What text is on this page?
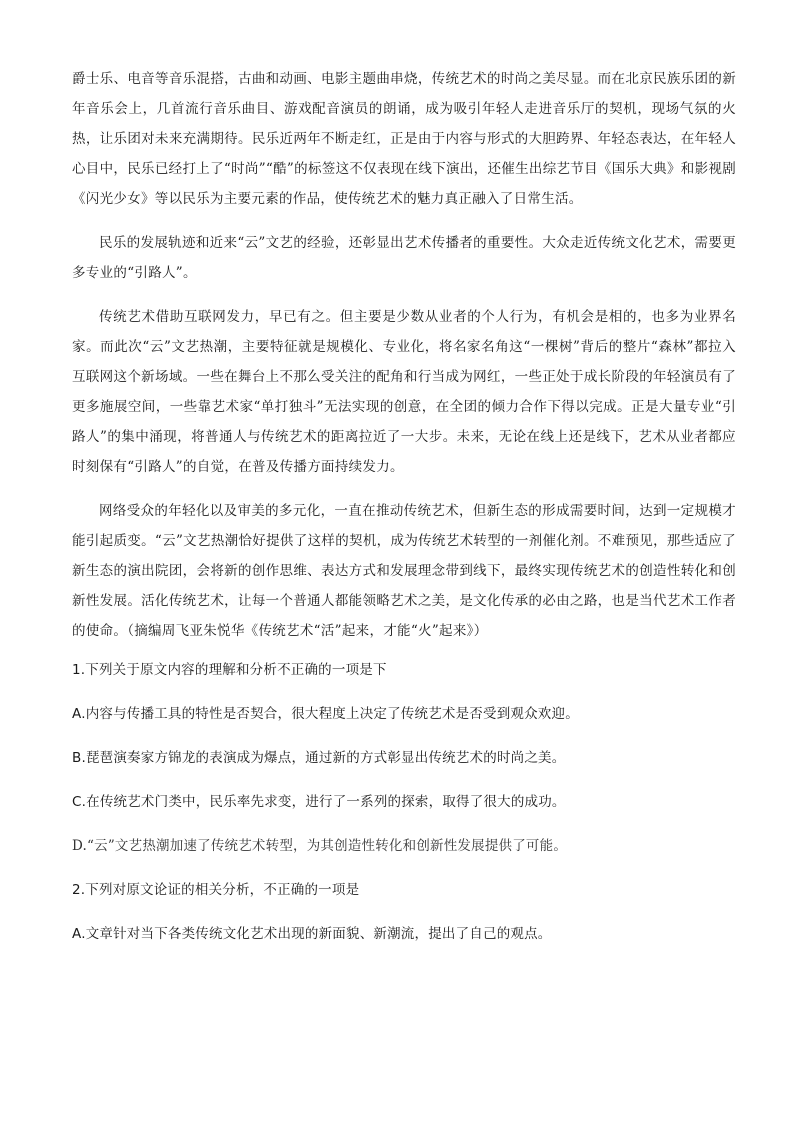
爵士乐、电音等音乐混搭，古曲和动画、电影主题曲串烧，传统艺术的时尚之美尽显。而在北京民族乐团的新年音乐会上，几首流行音乐曲目、游戏配音演员的朗诵，成为吸引年轻人走进音乐厅的契机，现场气氛的火热，让乐团对未来充满期待。民乐近两年不断走红，正是由于内容与形式的大胆跨界、年轻态表达，在年轻人心目中，民乐已经打上了“时尚”“酷”的标签这不仅表现在线下演出，还催生出综艺节目《国乐大典》和影视剧《闪光少女》等以民乐为主要元素的作品，使传统艺术的魅力真正融入了日常生活。

民乐的发展轨迹和近来“云”文艺的经验，还彰显出艺术传播者的重要性。大众走近传统文化艺术，需要更多专业的“引路人”。

传统艺术借助互联网发力，早已有之。但主要是少数从业者的个人行为，有机会是相的，也多为业界名家。而此次“云”文艺热潮，主要特征就是规模化、专业化，将名家名角这“一棵树”背后的整片“森林”都拉入互联网这个新场域。一些在舞台上不那么受关注的配角和行当成为网红，一些正处于成长阶段的年轻演员有了更多施展空间，一些靠艺术家“单打独斗”无法实现的创意，在全团的倾力合作下得以完成。正是大量专业“引路人”的集中涌现，将普通人与传统艺术的距离拉近了一大步。未来，无论在线上还是线下，艺术从业者都应时刻保有“引路人”的自觉，在普及传播方面持续发力。

网络受众的年轻化以及审美的多元化，一直在推动传统艺术，但新生态的形成需要时间，达到一定规模才能引起质变。“云”文艺热潮恰好提供了这样的契机，成为传统艺术转型的一剂催化剂。不难预见，那些适应了新生态的演出院团，会将新的创作思维、表达方式和发展理念带到线下，最终实现传统艺术的创造性转化和创新性发展。活化传统艺术，让每一个普通人都能领略艺术之美，是文化传承的必由之路，也是当代艺术工作者的使命。（摘编周飞亚朱悦华《传统艺术“活”起来，才能“火”起来》）

1.下列关于原文内容的理解和分析不正确的一项是下

A.内容与传播工具的特性是否契合，很大程度上决定了传统艺术是否受到观众欢迎。

B.琵琶演奏家方锦龙的表演成为爆点，通过新的方式彰显出传统艺术的时尚之美。

C.在传统艺术门类中，民乐率先求变，进行了一系列的探索，取得了很大的成功。

D.“云”文艺热潮加速了传统艺术转型，为其创造性转化和创新性发展提供了可能。

2.下列对原文论证的相关分析，不正确的一项是

A.文章针对当下各类传统文化艺术出现的新面貌、新潮流，提出了自己的观点。
